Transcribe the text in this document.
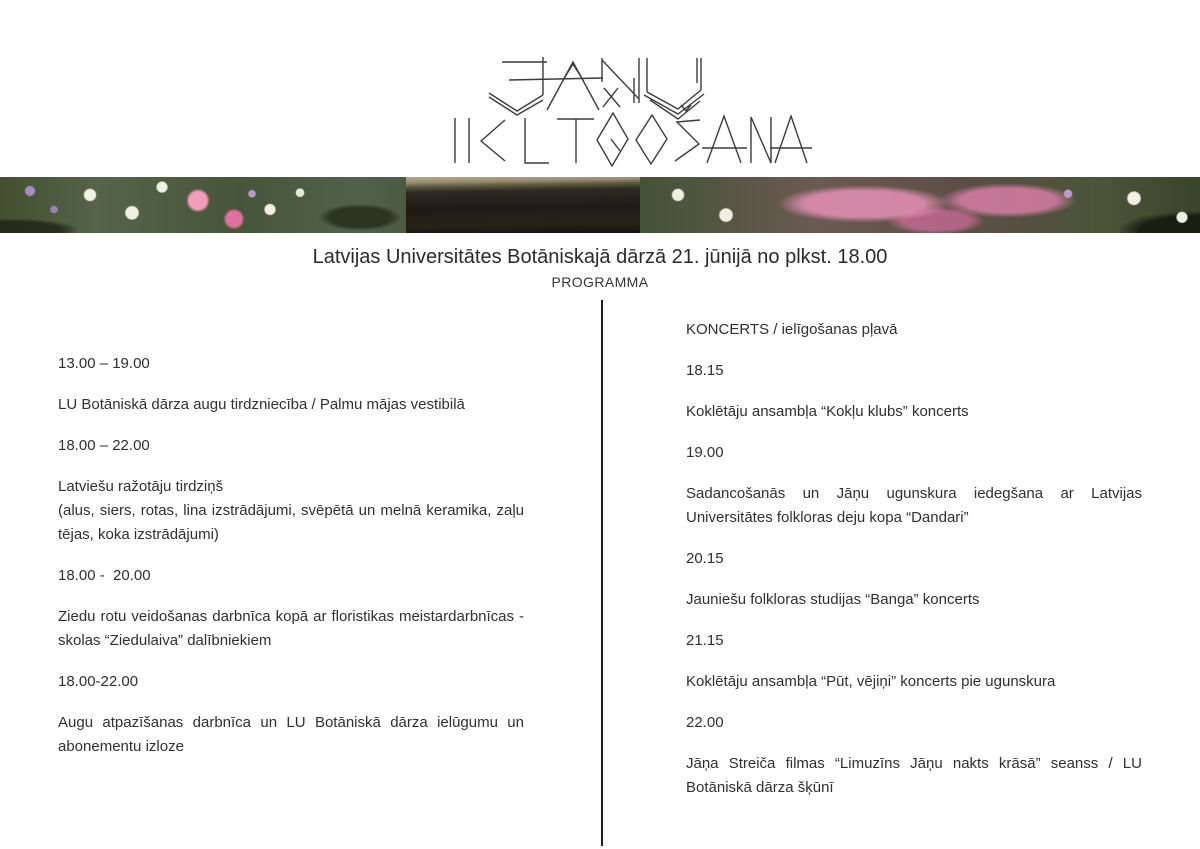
Latvijas Universitātes Botāniskajā dārzā 21. jūnijā no plkst. 18.00
PROGRAMMA

13.00 – 19.00

LU Botāniskā dārza augu tirdzniecība / Palmu mājas vestibilā

18.00 – 22.00

Latviešu ražotāju tirdziņš
(alus, siers, rotas, lina izstrādājumi, svēpētā un melnā keramika, zaļu tējas, koka izstrādājumi)

18.00 -  20.00

Ziedu rotu veidošanas darbnīca kopā ar floristikas meistardarbnīcas - skolas “Ziedulaiva” dalībniekiem

18.00-22.00

Augu atpazīšanas darbnīca un LU Botāniskā dārza ielūgumu un abonementu izloze

KONCERTS / ielīgošanas pļavā

18.15

Koklētāju ansambļa “Kokļu klubs” koncerts

19.00

Sadancošanās un Jāņu ugunskura iedegšana ar Latvijas Universitātes folkloras deju kopa “Dandari”

20.15

Jauniešu folkloras studijas “Banga” koncerts

21.15

Koklētāju ansambļa “Pūt, vējiņi” koncerts pie ugunskura

22.00

Jāņa Streiča filmas “Limuzīns Jāņu nakts krāsā” seanss / LU Botāniskā dārza šķūnī
